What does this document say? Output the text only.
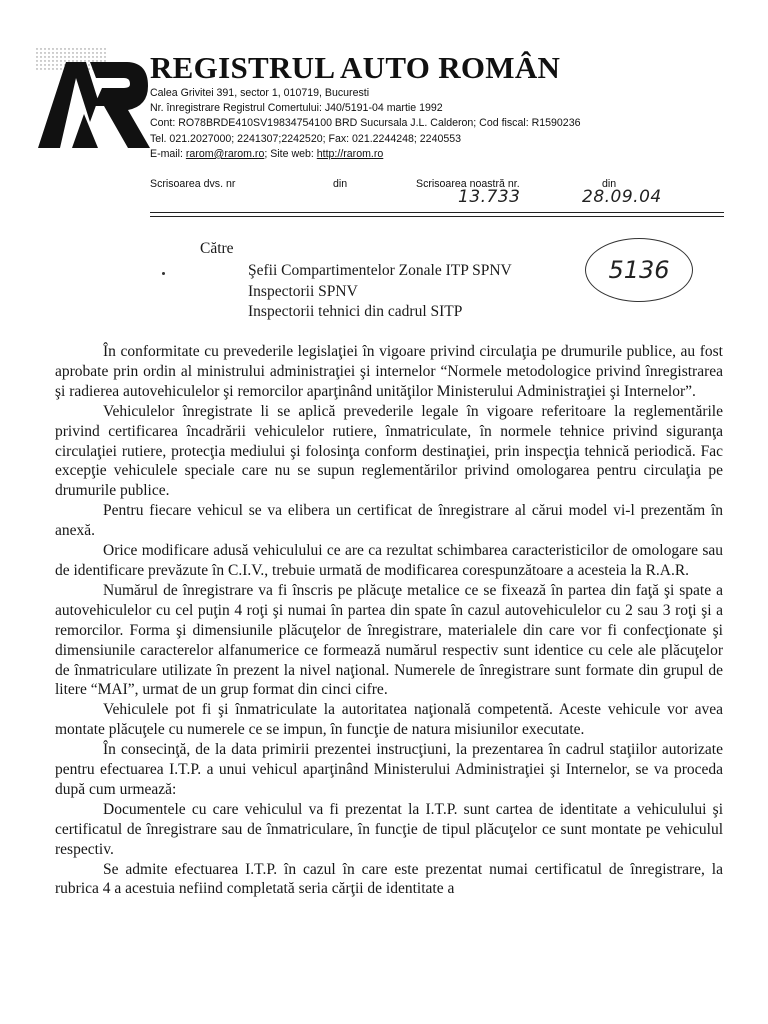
REGISTRUL AUTO ROMÂN
Calea Grivitei 391, sector 1, 010719, Bucuresti
Nr. înregistrare Registrul Comertului: J40/5191-04 martie 1992
Cont: RO78BRDE410SV19834754100 BRD Sucursala J.L. Calderon; Cod fiscal: R1590236
Tel. 021.2027000; 2241307;2242520; Fax: 021.2244248; 2240553
E-mail: rarom@rarom.ro; Site web: http://rarom.ro
Scrisoarea dvs. nr	din	Scrisoarea noastră nr.
13.733
din
28.09.04
Către
Şefii Compartimentelor Zonale ITP SPNV
Inspectorii SPNV
Inspectorii tehnici din cadrul SITP
5136

În conformitate cu prevederile legislaţiei în vigoare privind circulaţia pe drumurile publice, au fost aprobate prin ordin al ministrului administraţiei şi internelor “Normele metodologice privind înregistrarea şi radierea autovehiculelor şi remorcilor aparţinând unităţilor Ministerului Administraţiei şi Internelor”.

Vehiculelor înregistrate li se aplică prevederile legale în vigoare referitoare la reglementările privind certificarea încadrării vehiculelor rutiere, înmatriculate, în normele tehnice privind siguranţa circulaţiei rutiere, protecţia mediului şi folosinţa conform destinaţiei, prin inspecţia tehnică periodică. Fac excepţie vehiculele speciale care nu se supun reglementărilor privind omologarea pentru circulaţia pe drumurile publice.

Pentru fiecare vehicul se va elibera un certificat de înregistrare al cărui model vi-l prezentăm în anexă.

Orice modificare adusă vehiculului ce are ca rezultat schimbarea caracteristicilor de omologare sau de identificare prevăzute în C.I.V., trebuie urmată de modificarea corespunzătoare a acesteia la R.A.R.

Numărul de înregistrare va fi înscris pe plăcuţe metalice ce se fixează în partea din faţă şi spate a autovehiculelor cu cel puţin 4 roţi şi numai în partea din spate în cazul autovehiculelor cu 2 sau 3 roţi şi a remorcilor. Forma şi dimensiunile plăcuţelor de înregistrare, materialele din care vor fi confecţionate şi dimensiunile caracterelor alfanumerice ce formează numărul respectiv sunt identice cu cele ale plăcuţelor de înmatriculare utilizate în prezent la nivel naţional. Numerele de înregistrare sunt formate din grupul de litere “MAI”, urmat de un grup format din cinci cifre.

Vehiculele pot fi şi înmatriculate la autoritatea naţională competentă. Aceste vehicule vor avea montate plăcuţele cu numerele ce se impun, în funcţie de natura misiunilor executate.

În consecinţă, de la data primirii prezentei instrucţiuni, la prezentarea în cadrul staţiilor autorizate pentru efectuarea I.T.P. a unui vehicul aparţinând Ministerului Administraţiei şi Internelor, se va proceda după cum urmează:

Documentele cu care vehiculul va fi prezentat la I.T.P. sunt cartea de identitate a vehiculului şi certificatul de înregistrare sau de înmatriculare, în funcţie de tipul plăcuţelor ce sunt montate pe vehiculul respectiv.

Se admite efectuarea I.T.P. în cazul în care este prezentat numai certificatul de înregistrare, la rubrica 4 a acestuia nefiind completată seria cărţii de identitate a
